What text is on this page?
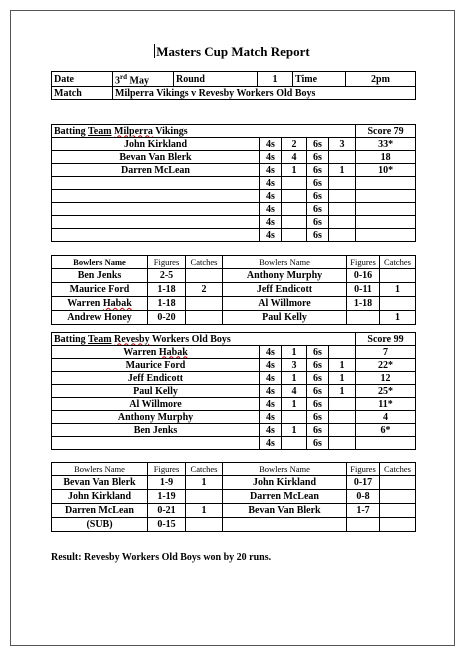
Masters Cup Match Report
Date	3rd May	Round	1	Time	2pm
Match	Milperra Vikings v Revesby Workers Old Boys				
Batting Team Milperra Vikings					Score 79
John Kirkland	4s	2	6s	3	33*
Bevan Van Blerk	4s	4	6s		18
Darren McLean	4s	1	6s	1	10*
	4s		6s		
	4s		6s		
	4s		6s		
	4s		6s		
	4s		6s		
Bowlers Name	Figures	Catches	Bowlers Name	Figures	Catches
Ben Jenks	2-5		Anthony Murphy	0-16	
Maurice Ford	1-18	2	Jeff Endicott	0-11	1
Warren Habak	1-18		Al Willmore	1-18	
Andrew Honey	0-20		Paul Kelly		1
Batting Team Revesby Workers Old Boys					Score 99
Warren Habak	4s	1	6s		7
Maurice Ford	4s	3	6s	1	22*
Jeff Endicott	4s	1	6s	1	12
Paul Kelly	4s	4	6s	1	25*
Al Willmore	4s	1	6s		11*
Anthony Murphy	4s		6s		4
Ben Jenks	4s	1	6s		6*
	4s		6s		
Bowlers Name	Figures	Catches	Bowlers Name	Figures	Catches
Bevan Van Blerk	1-9	1	John Kirkland	0-17	
John Kirkland	1-19		Darren McLean	0-8	
Darren McLean	0-21	1	Bevan Van Blerk	1-7	
(SUB)	0-15				
Result: Revesby Workers Old Boys won by 20 runs.
